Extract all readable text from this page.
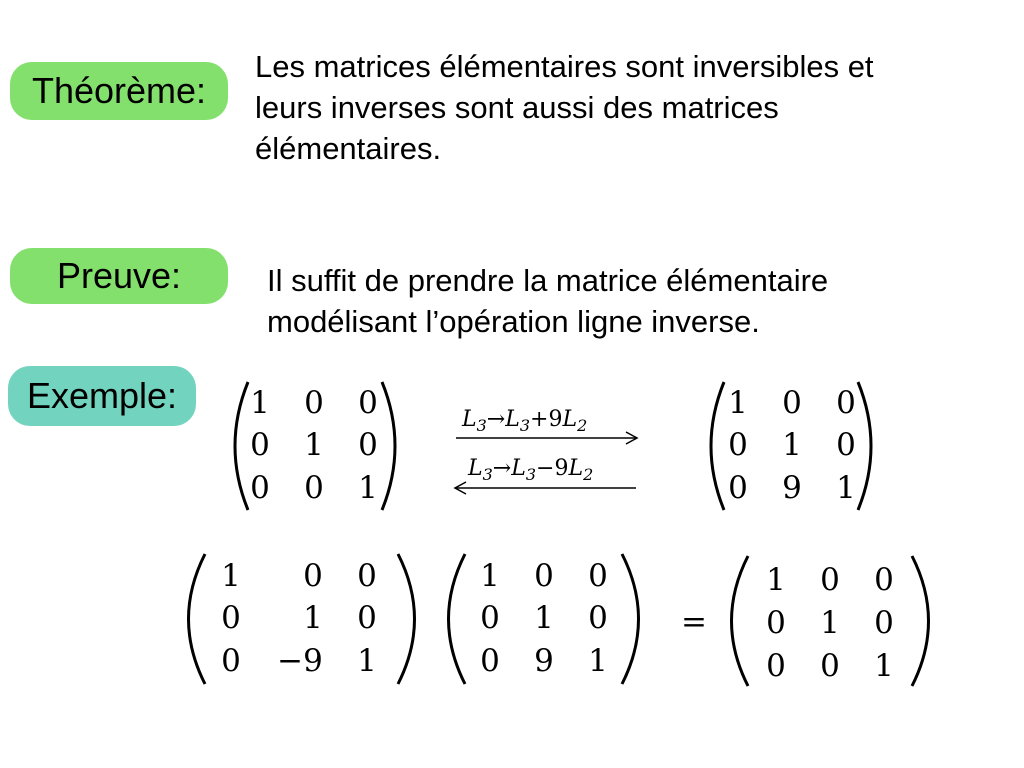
Théorème:
Preuve:
Exemple:
Les matrices élémentaires sont inversibles et
leurs inverses sont aussi des matrices
élémentaires.
Il suffit de prendre la matrice élémentaire
modélisant l’opération ligne inverse.
1 0 0
0 1 0
0 0 1
$L_3\to L_3+9L_2$
$L_3\to L_3-9L_2$
1 0 0
0 1 0
0 9 1
1 0 0
0 1 0
0 −9 1
1 0 0
0 1 0
0 9 1
=
1 0 0
0 1 0
0 0 1
